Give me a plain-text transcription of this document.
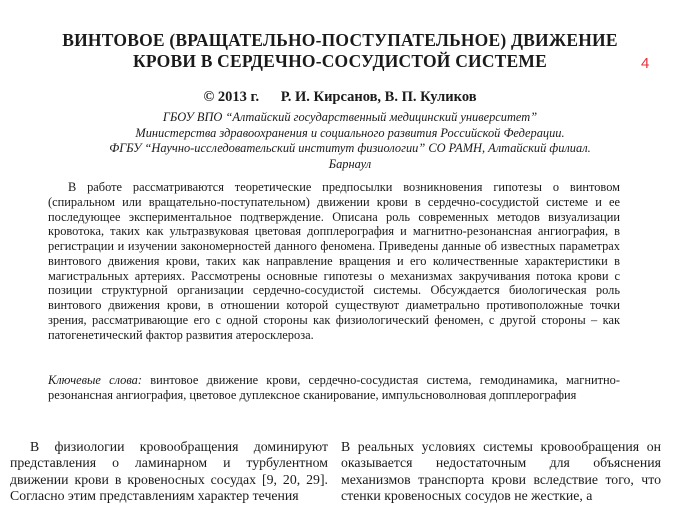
ВИНТОВОЕ (ВРАЩАТЕЛЬНО-ПОСТУПАТЕЛЬНОЕ) ДВИЖЕНИЕ
КРОВИ В СЕРДЕЧНО-СОСУДИСТОЙ СИСТЕМЕ	4
© 2013 г. Р. И. Кирсанов, В. П. Куликов
ГБОУ ВПО “Алтайский государственный медицинский университет”
Министерства здравоохранения и социального развития Российской Федерации.
ФГБУ “Научно-исследовательский институт физиологии” СО РАМН, Алтайский филиал.
Барнаул
В работе рассматриваются теоретические предпосылки возникновения гипотезы о винтовом (спиральном или вращательно-поступательном) движении крови в сердечно-сосудистой системе и ее последующее экспериментальное подтверждение. Описана роль современных методов визуализации кровотока, таких как ультразвуковая цветовая допплерография и магнитно-резонансная ангиография, в регистрации и изучении закономерностей данного феномена. Приведены данные об известных параметрах винтового движения крови, таких как направление вращения и его количественные характеристики в магистральных артериях. Рассмотрены основные гипотезы о механизмах закручивания потока крови с позиции структурной организации сердечно-сосудистой системы. Обсуждается биологическая роль винтового движения крови, в отношении которой существуют диаметрально противоположные точки зрения, рассматривающие его с одной стороны как физиологический феномен, с другой стороны – как патогенетический фактор развития атеросклероза.
Ключевые слова: винтовое движение крови, сердечно-сосудистая система, гемодинамика, магнитно-резонансная ангиография, цветовое дуплексное сканирование, импульсноволновая допплерография
В физиологии кровообращения доминируют представления о ламинарном и турбулентном движении крови в кровеносных сосудах [9, 20, 29]. Согласно этим представлениям характер течения
В реальных условиях системы кровообращения он оказывается недостаточным для объяснения механизмов транспорта крови вследствие того, что стенки кровеносных сосудов не жесткие, а
